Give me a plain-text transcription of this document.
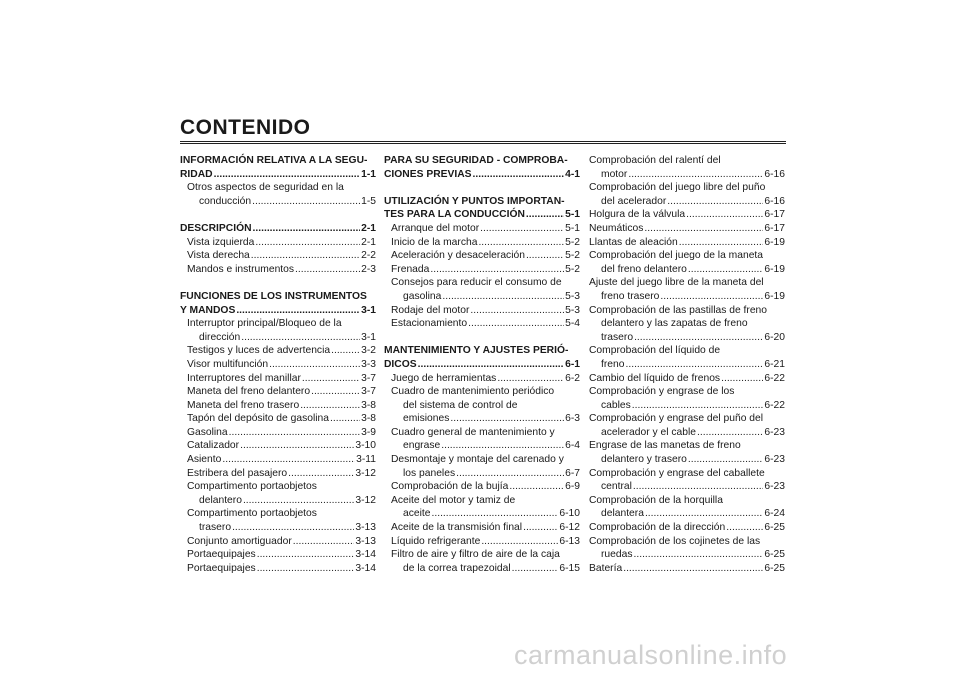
CONTENIDO
INFORMACIÓN RELATIVA A LA SEGU-
RIDAD .....	1-1
Otros aspectos de seguridad en la
conducción .....	1-5
DESCRIPCIÓN .....	2-1
Vista izquierda .....	2-1
Vista derecha .....	2-2
Mandos e instrumentos .....	2-3
FUNCIONES DE LOS INSTRUMENTOS
Y MANDOS .....	3-1
Interruptor principal/Bloqueo de la
dirección .....	3-1
Testigos y luces de advertencia .....	3-2
Visor multifunción .....	3-3
Interruptores del manillar .....	3-7
Maneta del freno delantero .....	3-7
Maneta del freno trasero .....	3-8
Tapón del depósito de gasolina .....	3-8
Gasolina .....	3-9
Catalizador .....	3-10
Asiento .....	3-11
Estribera del pasajero .....	3-12
Compartimento portaobjetos
delantero .....	3-12
Compartimento portaobjetos
trasero .....	3-13
Conjunto amortiguador .....	3-13
Portaequipajes .....	3-14
Portaequipajes .....	3-14
PARA SU SEGURIDAD - COMPROBA-
CIONES PREVIAS .....	4-1
UTILIZACIÓN Y PUNTOS IMPORTAN-
TES PARA LA CONDUCCIÓN .....	5-1
Arranque del motor .....	5-1
Inicio de la marcha .....	5-2
Aceleración y desaceleración .....	5-2
Frenada .....	5-2
Consejos para reducir el consumo de
gasolina .....	5-3
Rodaje del motor .....	5-3
Estacionamiento .....	5-4
MANTENIMIENTO Y AJUSTES PERIÓ-
DICOS .....	6-1
Juego de herramientas .....	6-2
Cuadro de mantenimiento periódico
del sistema de control de
emisiones .....	6-3
Cuadro general de mantenimiento y
engrase .....	6-4
Desmontaje y montaje del carenado y
los paneles .....	6-7
Comprobación de la bujía .....	6-9
Aceite del motor y tamiz de
aceite .....	6-10
Aceite de la transmisión final .....	6-12
Líquido refrigerante .....	6-13
Filtro de aire y filtro de aire de la caja
de la correa trapezoidal .....	6-15
Comprobación del ralentí del
motor .....	6-16
Comprobación del juego libre del puño
del acelerador .....	6-16
Holgura de la válvula .....	6-17
Neumáticos .....	6-17
Llantas de aleación .....	6-19
Comprobación del juego de la maneta
del freno delantero .....	6-19
Ajuste del juego libre de la maneta del
freno trasero .....	6-19
Comprobación de las pastillas de freno
delantero y las zapatas de freno
trasero .....	6-20
Comprobación del líquido de
freno .....	6-21
Cambio del líquido de frenos .....	6-22
Comprobación y engrase de los
cables .....	6-22
Comprobación y engrase del puño del
acelerador y el cable .....	6-23
Engrase de las manetas de freno
delantero y trasero .....	6-23
Comprobación y engrase del caballete
central .....	6-23
Comprobación de la horquilla
delantera .....	6-24
Comprobación de la dirección .....	6-25
Comprobación de los cojinetes de las
ruedas .....	6-25
Batería .....	6-25
carmanualsonline.info
